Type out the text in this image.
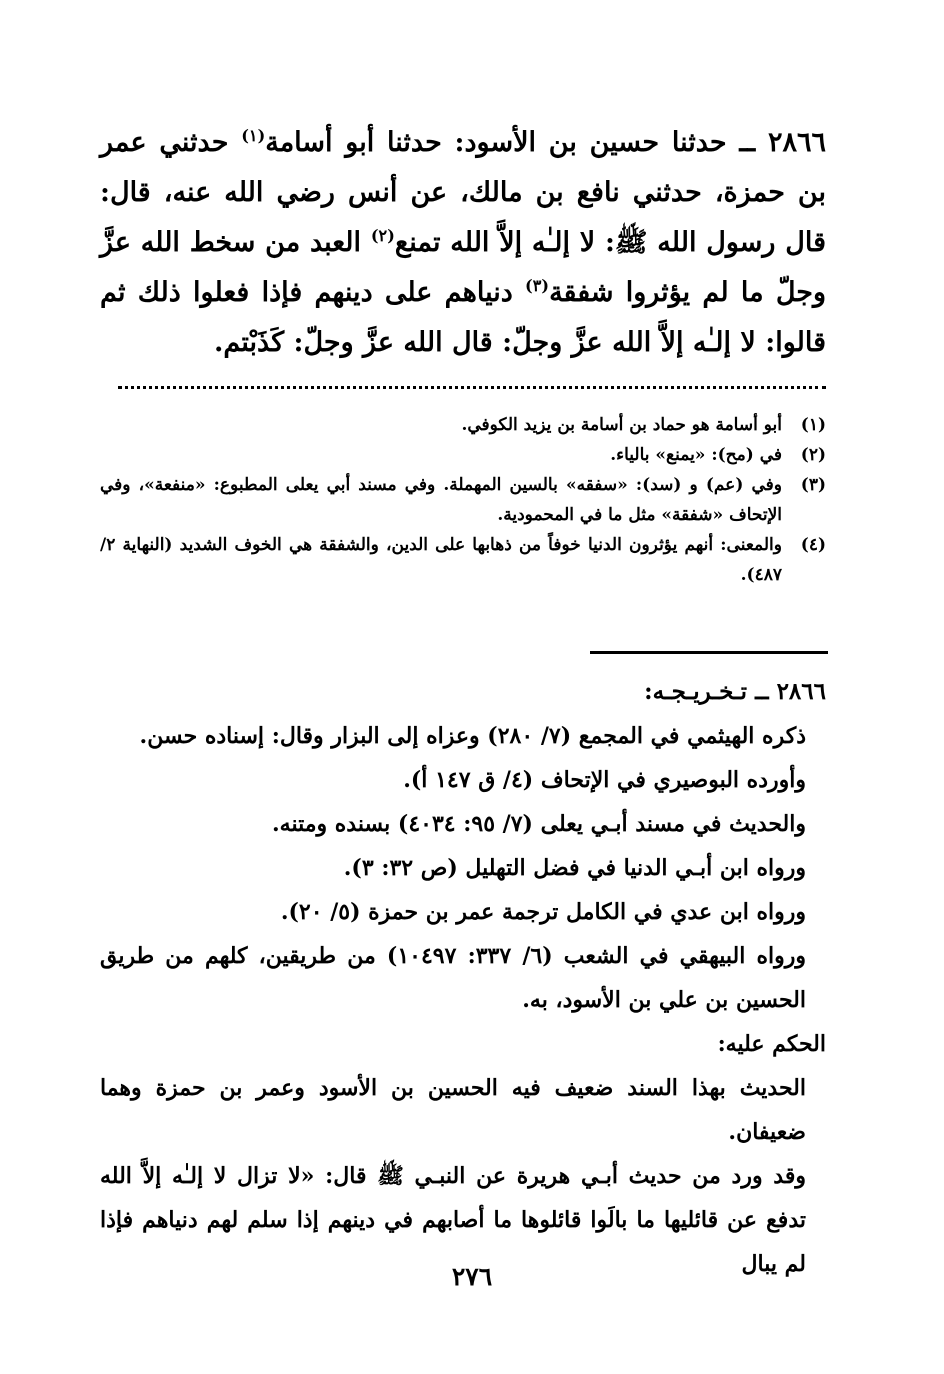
٢٨٦٦ ــ حدثنا حسين بن الأسود: حدثنا أبو أسامة$^{(١)}$ حدثني عمر بن حمزة، حدثني نافع بن مالك، عن أنس رضي الله عنه، قال: قال رسول الله ﷺ: لا إلـٰه إلاَّ الله تمنع$^{(٢)}$ العبد من سخط الله عزَّ وجلّ ما لم يؤثروا شفقة$^{(٣)}$ دنياهم على دينهم فإذا فعلوا ذلك ثم قالوا: لا إلـٰه إلاَّ الله عزَّ وجلّ: قال الله عزَّ وجلّ: كَذَبْتم.
(١)
أبو أسامة هو حماد بن أسامة بن يزيد الكوفي.
(٢)
في (مح): «يمنع» بالياء.
(٣)
وفي (عم) و (سد): «سفقه» بالسين المهملة. وفي مسند أبي يعلى المطبوع: «منفعة»، وفي الإتحاف «شفقة» مثل ما في المحمودية.
(٤)
والمعنى: أنهم يؤثرون الدنيا خوفاً من ذهابها على الدين، والشفقة هي الخوف الشديد (النهاية ٢/ ٤٨٧).
٢٨٦٦ ــ تـخـريـجـه:
ذكره الهيثمي في المجمع (٧/ ٢٨٠) وعزاه إلى البزار وقال: إسناده حسن.
وأورده البوصيري في الإتحاف (٤/ ق ١٤٧ أ).
والحديث في مسند أبـي يعلى (٧/ ٩٥: ٤٠٣٤) بسنده ومتنه.
ورواه ابن أبـي الدنيا في فضل التهليل (ص ٣٢: ٣).
ورواه ابن عدي في الكامل ترجمة عمر بن حمزة (٥/ ٢٠).
ورواه البيهقي في الشعب (٦/ ٣٣٧: ١٠٤٩٧) من طريقين، كلهم من طريق الحسين بن علي بن الأسود، به.
الحكم عليه:
الحديث بهذا السند ضعيف فيه الحسين بن الأسود وعمر بن حمزة وهما ضعيفان.
وقد ورد من حديث أبـي هريرة عن النبـي ﷺ قال: «لا تزال لا إلـٰه إلاَّ الله تدفع عن قائليها ما بالَوا قائلوها ما أصابهم في دينهم إذا سلم لهم دنياهم فإذا لم يبال
٢٧٦
